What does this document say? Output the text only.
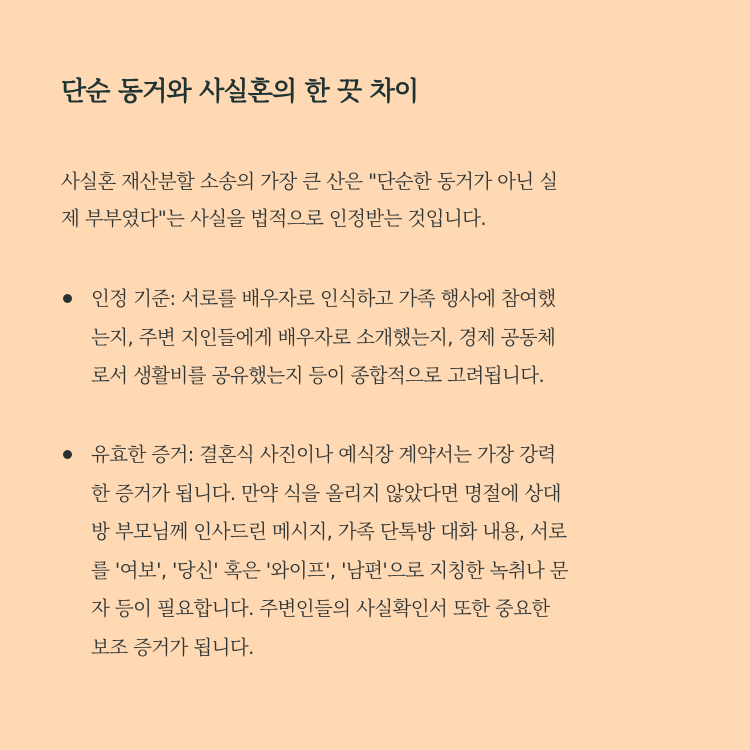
단순 동거와 사실혼의 한 끗 차이

사실혼 재산분할 소송의 가장 큰 산은 "단순한 동거가 아닌 실
제 부부였다"는 사실을 법적으로 인정받는 것입니다.

인정 기준: 서로를 배우자로 인식하고 가족 행사에 참여했
는지, 주변 지인들에게 배우자로 소개했는지, 경제 공동체
로서 생활비를 공유했는지 등이 종합적으로 고려됩니다.

유효한 증거: 결혼식 사진이나 예식장 계약서는 가장 강력
한 증거가 됩니다. 만약 식을 올리지 않았다면 명절에 상대
방 부모님께 인사드린 메시지, 가족 단톡방 대화 내용, 서로
를 '여보', '당신' 혹은 '와이프', '남편'으로 지칭한 녹취나 문
자 등이 필요합니다. 주변인들의 사실확인서 또한 중요한
보조 증거가 됩니다.
